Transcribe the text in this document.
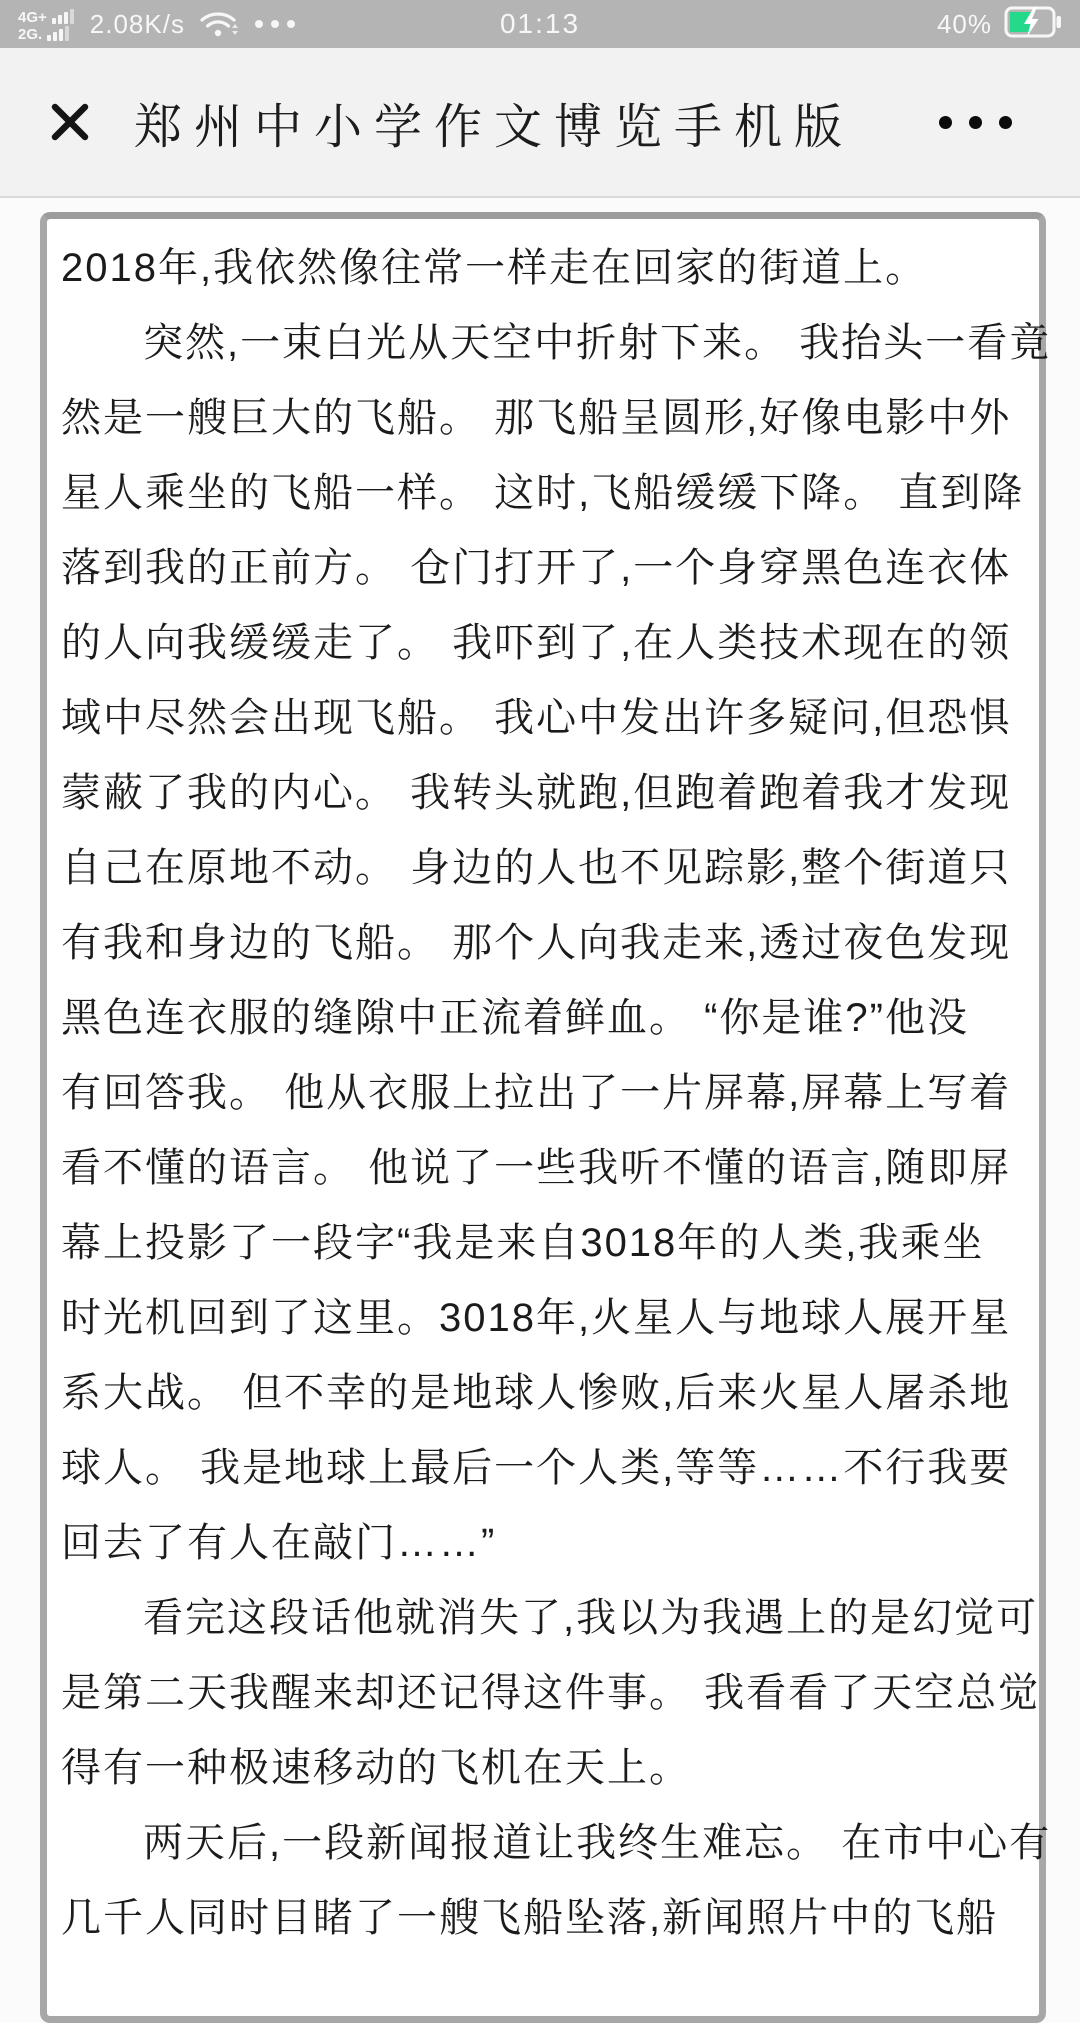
4G+
2G. 2.08K/s	01:13	40%
郑州中小学作文博览手机版
2018年,我依然像往常一样走在回家的街道上。
突然,一束白光从天空中折射下来。 我抬头一看竟
然是一艘巨大的飞船。 那飞船呈圆形,好像电影中外
星人乘坐的飞船一样。 这时,飞船缓缓下降。 直到降
落到我的正前方。 仓门打开了,一个身穿黑色连衣体
的人向我缓缓走了。 我吓到了,在人类技术现在的领
域中尽然会出现飞船。 我心中发出许多疑问,但恐惧
蒙蔽了我的内心。 我转头就跑,但跑着跑着我才发现
自己在原地不动。 身边的人也不见踪影,整个街道只
有我和身边的飞船。 那个人向我走来,透过夜色发现
黑色连衣服的缝隙中正流着鲜血。 “你是谁?”他没
有回答我。 他从衣服上拉出了一片屏幕,屏幕上写着
看不懂的语言。 他说了一些我听不懂的语言,随即屏
幕上投影了一段字“我是来自3018年的人类,我乘坐
时光机回到了这里。3018年,火星人与地球人展开星
系大战。 但不幸的是地球人惨败,后来火星人屠杀地
球人。 我是地球上最后一个人类,等等……不行我要
回去了有人在敲门……”
看完这段话他就消失了,我以为我遇上的是幻觉可
是第二天我醒来却还记得这件事。 我看看了天空总觉
得有一种极速移动的飞机在天上。
两天后,一段新闻报道让我终生难忘。 在市中心有
几千人同时目睹了一艘飞船坠落,新闻照片中的飞船
